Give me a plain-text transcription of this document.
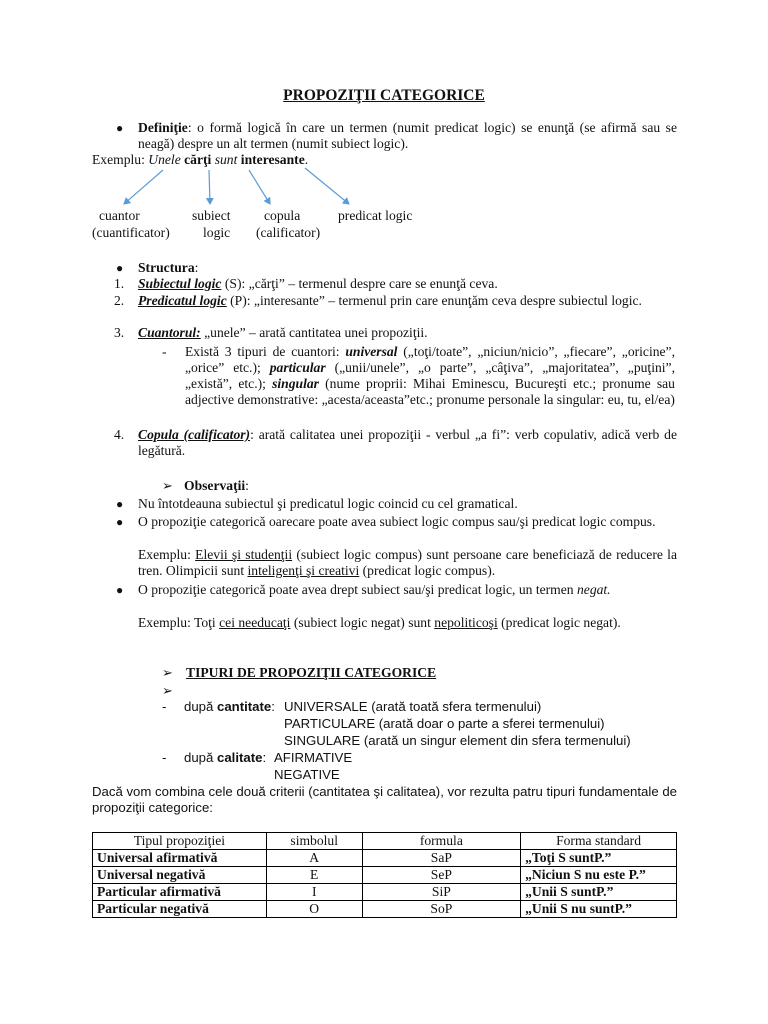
PROPOZIŢII CATEGORICE
● Definiţie: o formă logică în care un termen (numit predicat logic) se enunţă (se afirmă sau se neagă) despre un alt termen (numit subiect logic).
Exemplu: Unele cărţi sunt interesante.
cuantor
(cuantificator)
subiect
logic
copula
(calificator)
predicat logic
● Structura:
1. Subiectul logic (S): „cărţi” – termenul despre care se enunţă ceva.
2. Predicatul logic (P): „interesante” – termenul prin care enunţăm ceva despre subiectul logic.
3. Cuantorul: „unele” – arată cantitatea unei propoziţii.
- Există 3 tipuri de cuantori: universal („toţi/toate”, „niciun/nicio”, „fiecare”, „oricine”, „orice” etc.); particular („unii/unele”, „o parte”, „câţiva”, „majoritatea”, „puţini”, „există”, etc.); singular (nume proprii: Mihai Eminescu, Bucureşti etc.; pronume sau adjective demonstrative: „acesta/aceasta”etc.; pronume personale la singular: eu, tu, el/ea)
4. Copula (calificator): arată calitatea unei propoziţii - verbul „a fi”: verb copulativ, adică verb de legătură.
➢ Observaţii:
● Nu întotdeauna subiectul şi predicatul logic coincid cu cel gramatical.
● O propoziţie categorică oarecare poate avea subiect logic compus sau/şi predicat logic compus.
Exemplu: Elevii şi studenţii (subiect logic compus) sunt persoane care beneficiază de reducere la tren. Olimpicii sunt inteligenţi şi creativi (predicat logic compus).
● O propoziţie categorică poate avea drept subiect sau/şi predicat logic, un termen negat.
Exemplu: Toţi cei needucaţi (subiect logic negat) sunt nepoliticoşi (predicat logic negat).
➢ TIPURI DE PROPOZIŢII CATEGORICE
➢
- după cantitate: UNIVERSALE (arată toată sfera termenului)
PARTICULARE (arată doar o parte a sferei termenului)
SINGULARE (arată un singur element din sfera termenului)
- după calitate: AFIRMATIVE
NEGATIVE
Dacă vom combina cele două criterii (cantitatea şi calitatea), vor rezulta patru tipuri fundamentale de propoziţii categorice:
Tipul propoziţiei	simbolul	formula	Forma standard
Universal afirmativă	A	SaP	„Toţi S suntP.”
Universal negativă	E	SeP	„Niciun S nu este P.”
Particular afirmativă	I	SiP	„Unii S suntP.”
Particular negativă	O	SoP	„Unii S nu suntP.”
